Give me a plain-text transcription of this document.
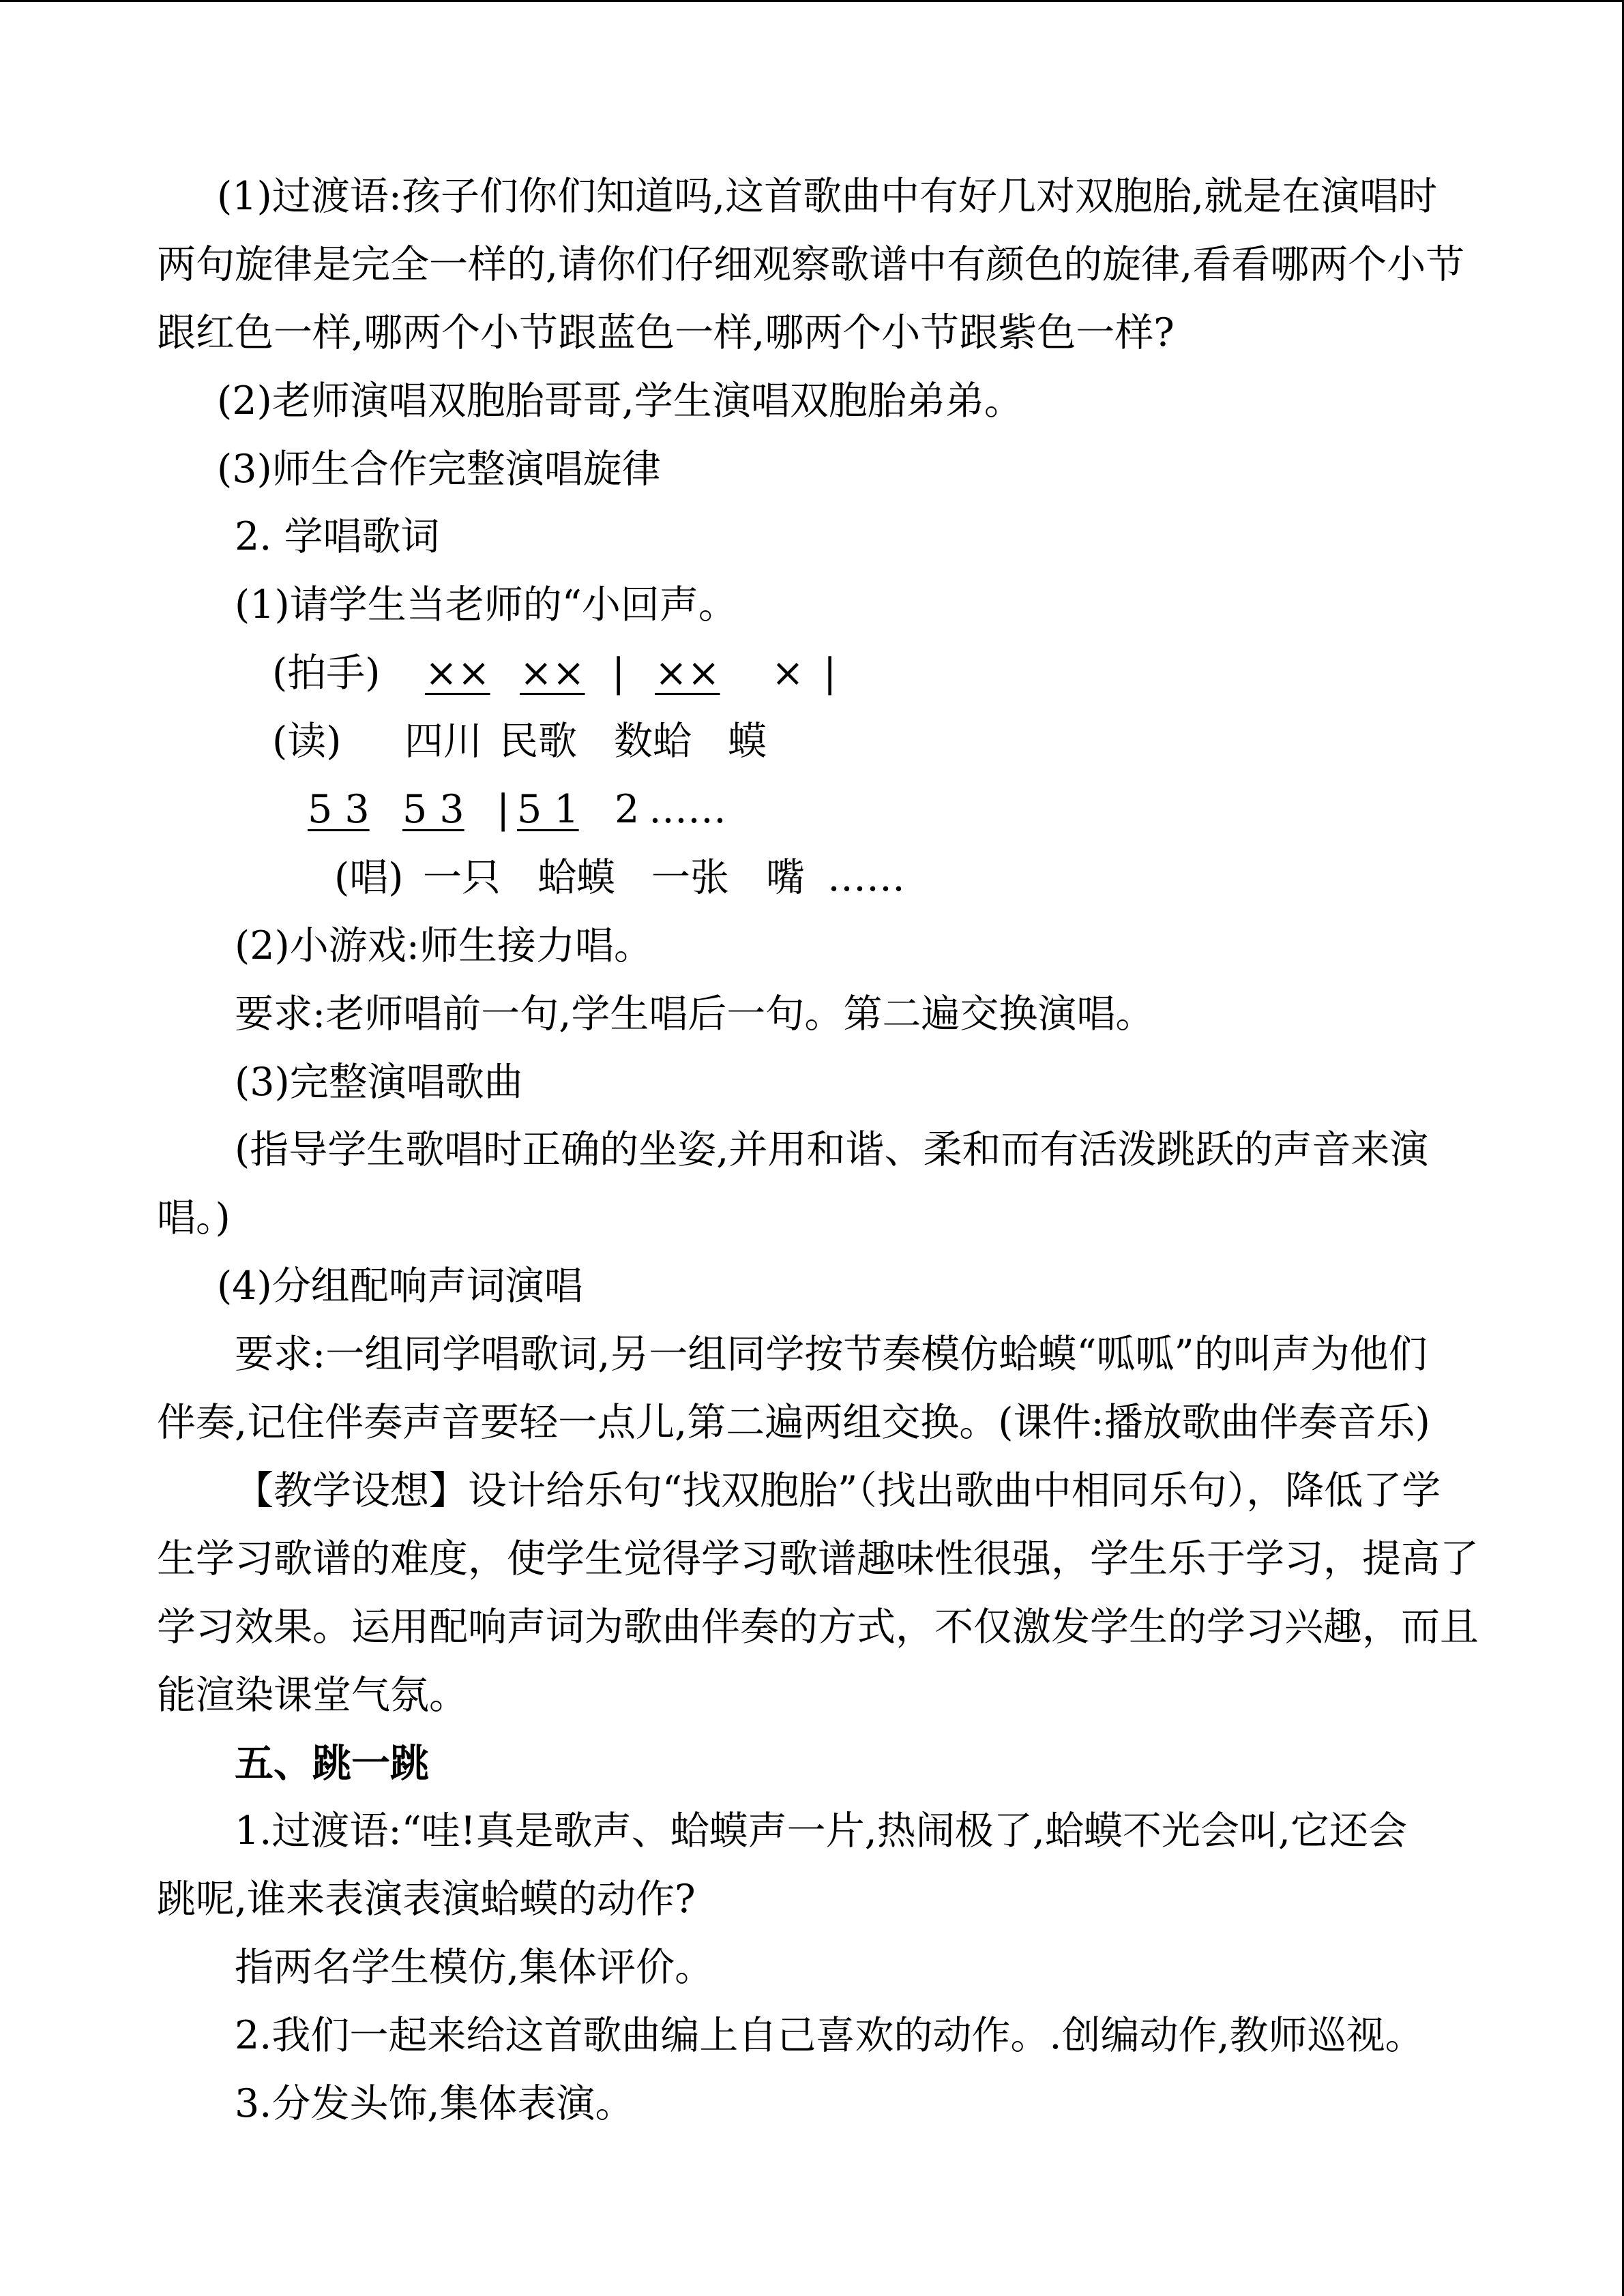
(1)过渡语:孩子们你们知道吗,这首歌曲中有好几对双胞胎,就是在演唱时
两句旋律是完全一样的,请你们仔细观察歌谱中有颜色的旋律,看看哪两个小节
跟红色一样,哪两个小节跟蓝色一样,哪两个小节跟紫色一样?
(2)老师演唱双胞胎哥哥,学生演唱双胞胎弟弟。
(3)师生合作完整演唱旋律
2. 学唱歌词
(1)请学生当老师的“小回声。
(拍手) ×× ×× | ×× × |
(读) 四川 民歌 数蛤 蟆
5 3 5 3 | 5 1 2 ……
(唱) 一只 蛤蟆 一张 嘴 ……
(2)小游戏:师生接力唱。
要求:老师唱前一句,学生唱后一句。第二遍交换演唱。
(3)完整演唱歌曲
(指导学生歌唱时正确的坐姿,并用和谐、柔和而有活泼跳跃的声音来演
唱。)
(4)分组配响声词演唱
要求:一组同学唱歌词,另一组同学按节奏模仿蛤蟆“呱呱”的叫声为他们
伴奏,记住伴奏声音要轻一点儿,第二遍两组交换。(课件:播放歌曲伴奏音乐)
【教学设想】设计给乐句“找双胞胎”（找出歌曲中相同乐句），降低了学
生学习歌谱的难度，使学生觉得学习歌谱趣味性很强，学生乐于学习，提高了
学习效果。运用配响声词为歌曲伴奏的方式，不仅激发学生的学习兴趣，而且
能渲染课堂气氛。
五、跳一跳
1.过渡语:“哇!真是歌声、蛤蟆声一片,热闹极了,蛤蟆不光会叫,它还会
跳呢,谁来表演表演蛤蟆的动作?
指两名学生模仿,集体评价。
2.我们一起来给这首歌曲编上自己喜欢的动作。.创编动作,教师巡视。
3.分发头饰,集体表演。
